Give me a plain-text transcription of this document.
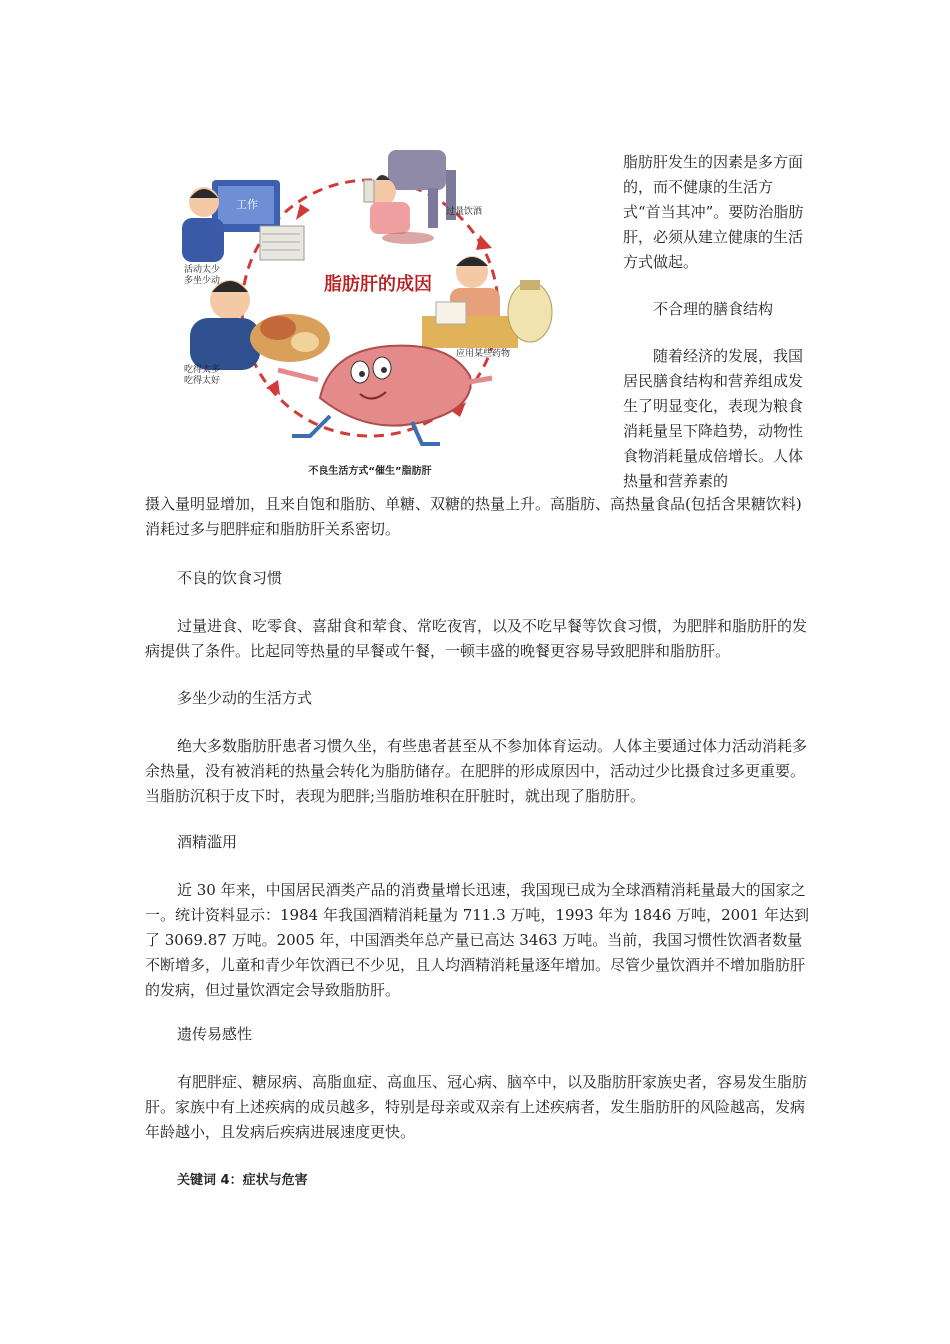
工作
脂肪肝的成因
过量饮酒
活动太少
多坐少动
吃得太多
吃得太好
应用某些药物
不良生活方式“催生”脂肪肝

脂肪肝发生的因素是多方面的，而不健康的生活方式“首当其冲”。要防治脂肪肝，必须从建立健康的生活方式做起。

不合理的膳食结构

随着经济的发展，我国居民膳食结构和营养组成发生了明显变化，表现为粮食消耗量呈下降趋势，动物性食物消耗量成倍增长。人体热量和营养素的

摄入量明显增加，且来自饱和脂肪、单糖、双糖的热量上升。高脂肪、高热量食品(包括含果糖饮料)消耗过多与肥胖症和脂肪肝关系密切。

不良的饮食习惯

过量进食、吃零食、喜甜食和荤食、常吃夜宵，以及不吃早餐等饮食习惯，为肥胖和脂肪肝的发病提供了条件。比起同等热量的早餐或午餐，一顿丰盛的晚餐更容易导致肥胖和脂肪肝。

多坐少动的生活方式

绝大多数脂肪肝患者习惯久坐，有些患者甚至从不参加体育运动。人体主要通过体力活动消耗多余热量，没有被消耗的热量会转化为脂肪储存。在肥胖的形成原因中，活动过少比摄食过多更重要。当脂肪沉积于皮下时，表现为肥胖;当脂肪堆积在肝脏时，就出现了脂肪肝。

酒精滥用

近 30 年来，中国居民酒类产品的消费量增长迅速，我国现已成为全球酒精消耗量最大的国家之一。统计资料显示：1984 年我国酒精消耗量为 711.3 万吨，1993 年为 1846 万吨，2001 年达到了 3069.87 万吨。2005 年，中国酒类年总产量已高达 3463 万吨。当前，我国习惯性饮酒者数量不断增多，儿童和青少年饮酒已不少见，且人均酒精消耗量逐年增加。尽管少量饮酒并不增加脂肪肝的发病，但过量饮酒定会导致脂肪肝。

遗传易感性

有肥胖症、糖尿病、高脂血症、高血压、冠心病、脑卒中，以及脂肪肝家族史者，容易发生脂肪肝。家族中有上述疾病的成员越多，特别是母亲或双亲有上述疾病者，发生脂肪肝的风险越高，发病年龄越小，且发病后疾病进展速度更快。

关键词 4：症状与危害
